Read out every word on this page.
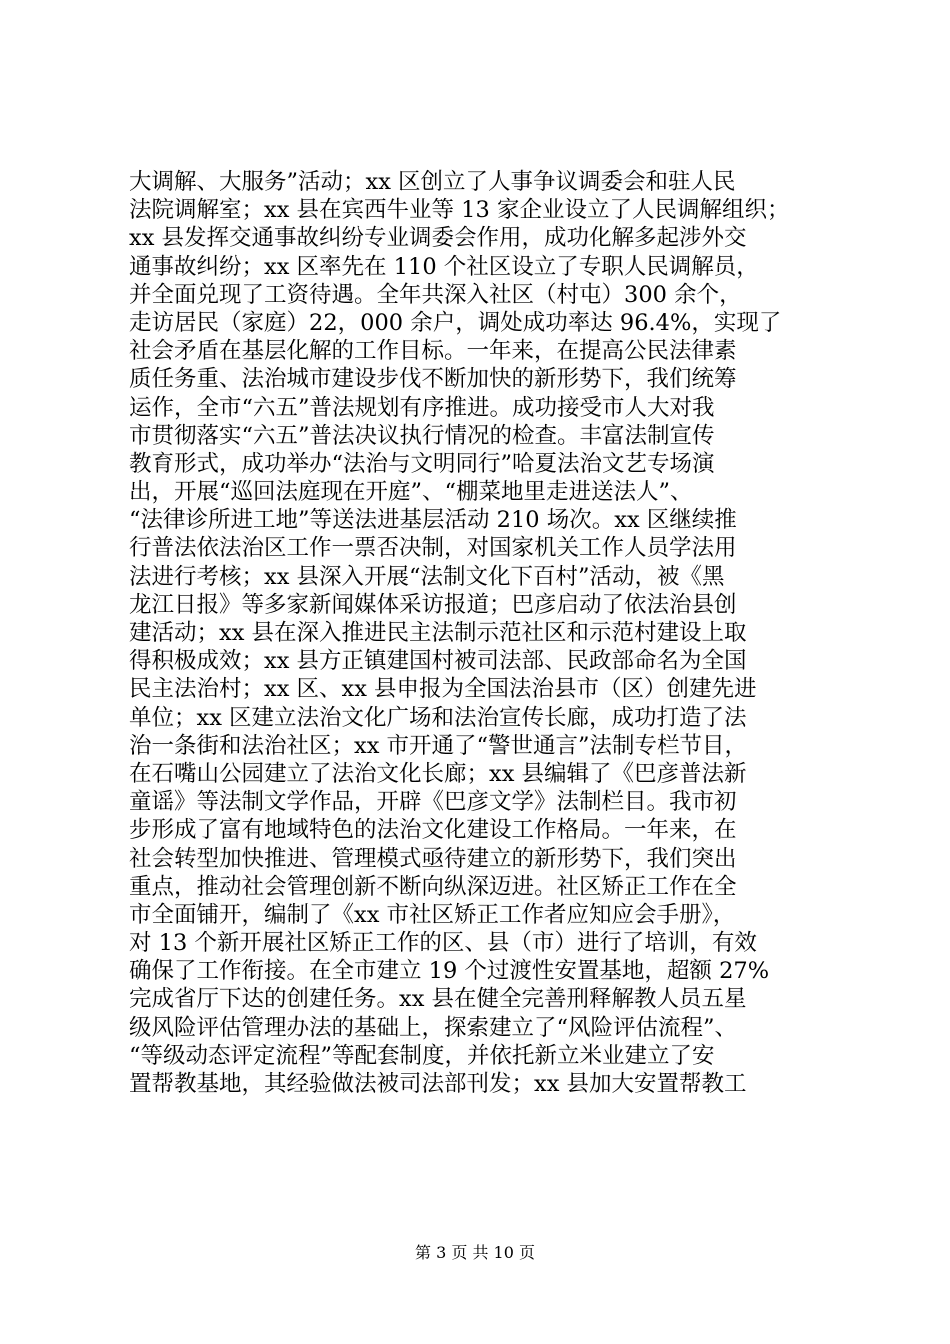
大调解、大服务”活动；xx 区创立了人事争议调委会和驻人民
法院调解室；xx 县在宾西牛业等 13 家企业设立了人民调解组织；
xx 县发挥交通事故纠纷专业调委会作用，成功化解多起涉外交
通事故纠纷；xx 区率先在 110 个社区设立了专职人民调解员，
并全面兑现了工资待遇。全年共深入社区（村屯）300 余个，
走访居民（家庭）22，000 余户，调处成功率达 96.4%，实现了
社会矛盾在基层化解的工作目标。一年来，在提高公民法律素
质任务重、法治城市建设步伐不断加快的新形势下，我们统筹
运作，全市“六五”普法规划有序推进。成功接受市人大对我
市贯彻落实“六五”普法决议执行情况的检查。丰富法制宣传
教育形式，成功举办“法治与文明同行”哈夏法治文艺专场演
出，开展“巡回法庭现在开庭”、“棚菜地里走进送法人”、
“法律诊所进工地”等送法进基层活动 210 场次。xx 区继续推
行普法依法治区工作一票否决制，对国家机关工作人员学法用
法进行考核；xx 县深入开展“法制文化下百村”活动，被《黑
龙江日报》等多家新闻媒体采访报道；巴彦启动了依法治县创
建活动；xx 县在深入推进民主法制示范社区和示范村建设上取
得积极成效；xx 县方正镇建国村被司法部、民政部命名为全国
民主法治村；xx 区、xx 县申报为全国法治县市（区）创建先进
单位；xx 区建立法治文化广场和法治宣传长廊，成功打造了法
治一条街和法治社区；xx 市开通了“警世通言”法制专栏节目，
在石嘴山公园建立了法治文化长廊；xx 县编辑了《巴彦普法新
童谣》等法制文学作品，开辟《巴彦文学》法制栏目。我市初
步形成了富有地域特色的法治文化建设工作格局。一年来，在
社会转型加快推进、管理模式亟待建立的新形势下，我们突出
重点，推动社会管理创新不断向纵深迈进。社区矫正工作在全
市全面铺开，编制了《xx 市社区矫正工作者应知应会手册》，
对 13 个新开展社区矫正工作的区、县（市）进行了培训，有效
确保了工作衔接。在全市建立 19 个过渡性安置基地，超额 27%
完成省厅下达的创建任务。xx 县在健全完善刑释解教人员五星
级风险评估管理办法的基础上，探索建立了“风险评估流程”、
“等级动态评定流程”等配套制度，并依托新立米业建立了安
置帮教基地，其经验做法被司法部刊发；xx 县加大安置帮教工
第 3 页 共 10 页
